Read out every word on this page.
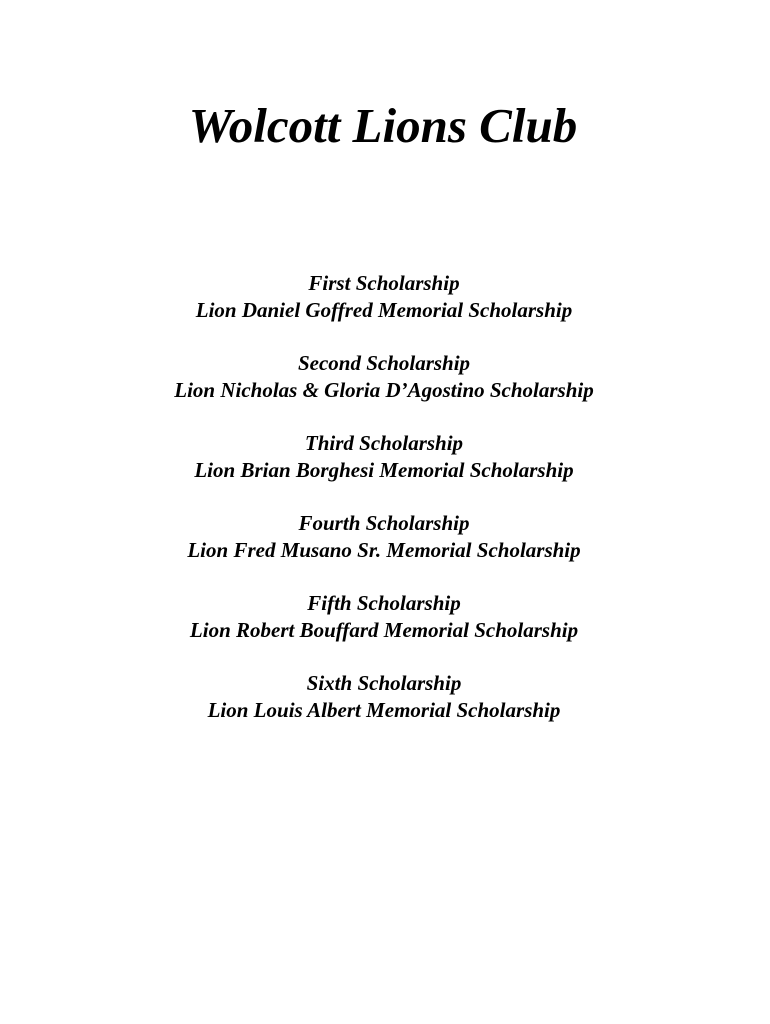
Wolcott Lions Club
First Scholarship
Lion Daniel Goffred Memorial Scholarship
Second Scholarship
Lion Nicholas & Gloria D’Agostino Scholarship
Third Scholarship
Lion Brian Borghesi Memorial Scholarship
Fourth Scholarship
Lion Fred Musano Sr. Memorial Scholarship
Fifth Scholarship
Lion Robert Bouffard Memorial Scholarship
Sixth Scholarship
Lion Louis Albert Memorial Scholarship
